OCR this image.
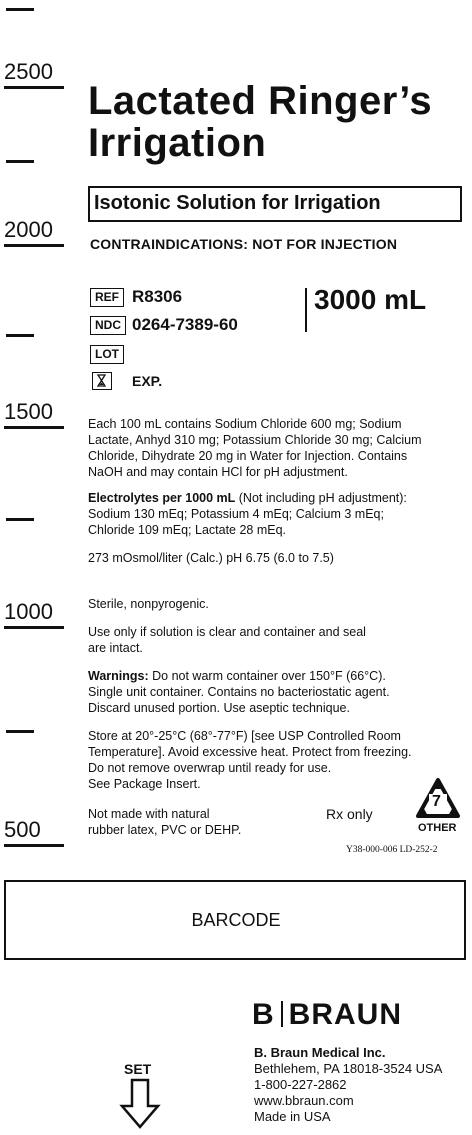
2500
2000
1500
1000
500
Lactated Ringer’s
Irrigation
Isotonic Solution for Irrigation
CONTRAINDICATIONS: NOT FOR INJECTION
REF R8306
NDC 0264-7389-60
LOT
3000 mL
EXP.
Each 100 mL contains Sodium Chloride 600 mg; Sodium
Lactate, Anhyd 310 mg; Potassium Chloride 30 mg; Calcium
Chloride, Dihydrate 20 mg in Water for Injection. Contains
NaOH and may contain HCl for pH adjustment.
Electrolytes per 1000 mL (Not including pH adjustment):
Sodium 130 mEq; Potassium 4 mEq; Calcium 3 mEq;
Chloride 109 mEq; Lactate 28 mEq.
273 mOsmol/liter (Calc.) pH 6.75 (6.0 to 7.5)
Sterile, nonpyrogenic.
Use only if solution is clear and container and seal
are intact.
Warnings: Do not warm container over 150°F (66°C).
Single unit container. Contains no bacteriostatic agent.
Discard unused portion. Use aseptic technique.
Store at 20°-25°C (68°-77°F) [see USP Controlled Room
Temperature]. Avoid excessive heat. Protect from freezing.
Do not remove overwrap until ready for use.
See Package Insert.
Not made with natural
rubber latex, PVC or DEHP.
Rx only
7
OTHER
Y38-000-006 LD-252-2
BARCODE
B BRAUN
B. Braun Medical Inc.
Bethlehem, PA 18018-3524 USA
1-800-227-2862
www.bbraun.com
Made in USA
SET
